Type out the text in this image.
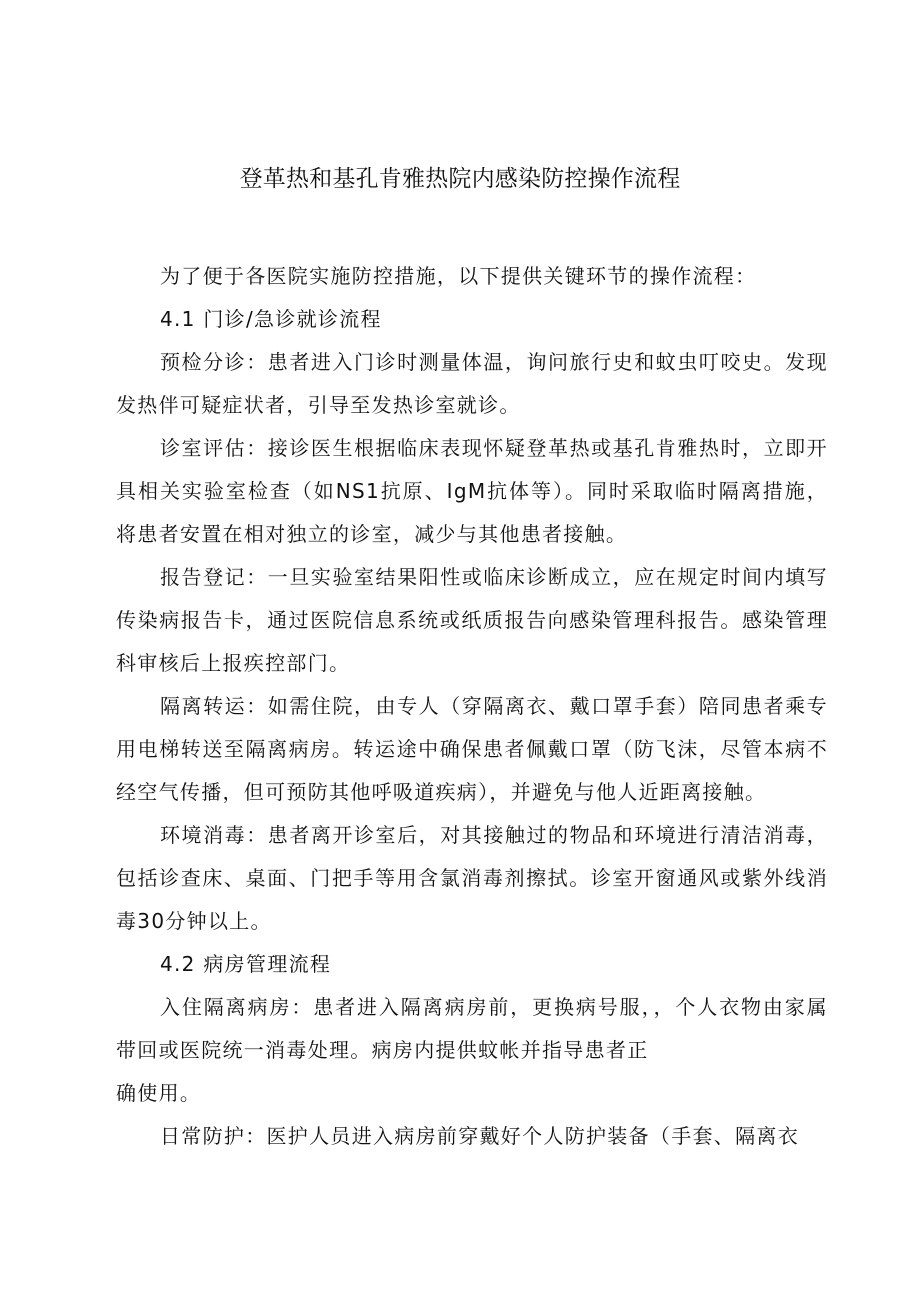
登革热和基孔肯雅热院内感染防控操作流程

为了便于各医院实施防控措施，以下提供关键环节的操作流程：

4.1 门诊/急诊就诊流程

预检分诊：患者进入门诊时测量体温，询问旅行史和蚊虫叮咬史。发现发热伴可疑症状者，引导至发热诊室就诊。

诊室评估：接诊医生根据临床表现怀疑登革热或基孔肯雅热时，立即开具相关实验室检查（如NS1抗原、IgM抗体等）。同时采取临时隔离措施，将患者安置在相对独立的诊室，减少与其他患者接触。

报告登记：一旦实验室结果阳性或临床诊断成立，应在规定时间内填写传染病报告卡，通过医院信息系统或纸质报告向感染管理科报告。感染管理科审核后上报疾控部门。

隔离转运：如需住院，由专人（穿隔离衣、戴口罩手套）陪同患者乘专用电梯转送至隔离病房。转运途中确保患者佩戴口罩（防飞沫，尽管本病不经空气传播，但可预防其他呼吸道疾病），并避免与他人近距离接触。

环境消毒：患者离开诊室后，对其接触过的物品和环境进行清洁消毒，包括诊查床、桌面、门把手等用含氯消毒剂擦拭。诊室开窗通风或紫外线消毒30分钟以上。

4.2 病房管理流程

入住隔离病房：患者进入隔离病房前，更换病号服，，个人衣物由家属带回或医院统一消毒处理。病房内提供蚊帐并指导患者正

确使用。

日常防护：医护人员进入病房前穿戴好个人防护装备（手套、隔离衣
